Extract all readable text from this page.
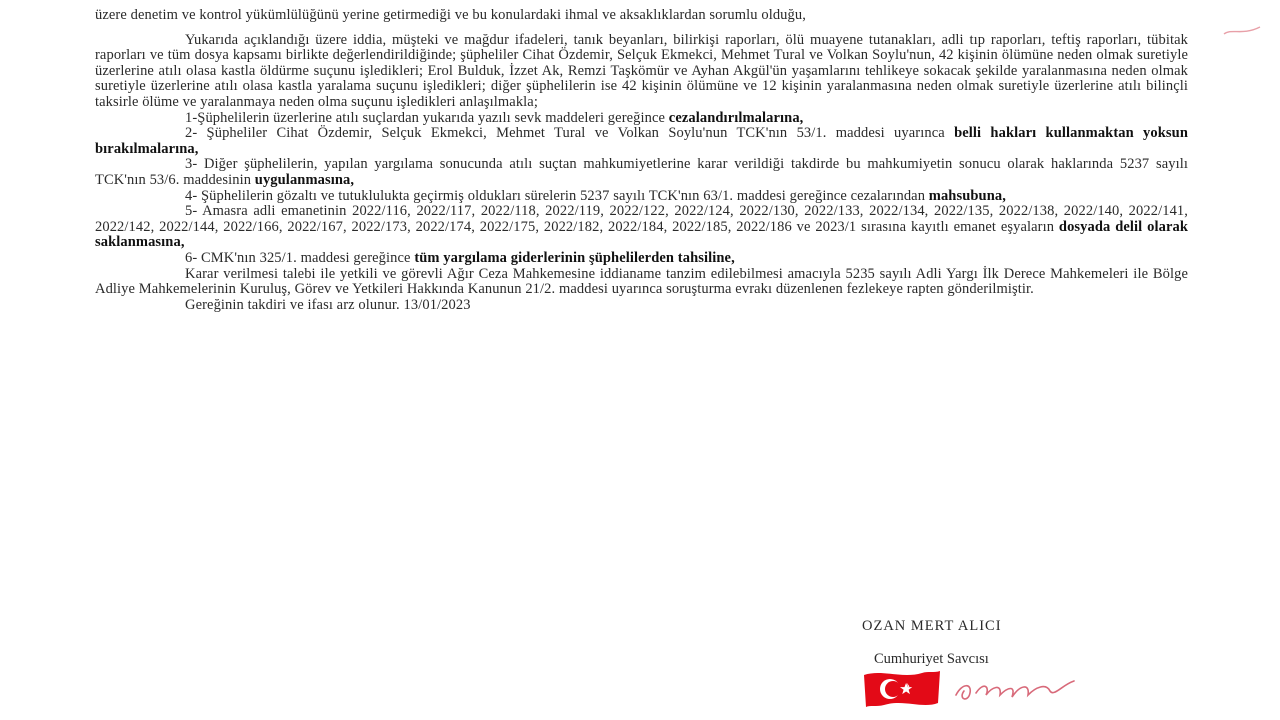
üzere denetim ve kontrol yükümlülüğünü yerine getirmediği ve bu konulardaki ihmal ve aksaklıklardan sorumlu olduğu,

Yukarıda açıklandığı üzere iddia, müşteki ve mağdur ifadeleri, tanık beyanları, bilirkişi raporları, ölü muayene tutanakları, adli tıp raporları, teftiş raporları, tübitak raporları ve tüm dosya kapsamı birlikte değerlendirildiğinde; şüpheliler Cihat Özdemir, Selçuk Ekmekci, Mehmet Tural ve Volkan Soylu'nun, 42 kişinin ölümüne neden olmak suretiyle üzerlerine atılı olasa kastla öldürme suçunu işledikleri; Erol Bulduk, İzzet Ak, Remzi Taşkömür ve Ayhan Akgül'ün yaşamlarını tehlikeye sokacak şekilde yaralanmasına neden olmak suretiyle üzerlerine atılı olasa kastla yaralama suçunu işledikleri; diğer şüphelilerin ise 42 kişinin ölümüne ve 12 kişinin yaralanmasına neden olmak suretiyle üzerlerine atılı bilinçli taksirle ölüme ve yaralanmaya neden olma suçunu işledikleri anlaşılmakla;

1-Şüphelilerin üzerlerine atılı suçlardan yukarıda yazılı sevk maddeleri gereğince cezalandırılmalarına,

2- Şüpheliler Cihat Özdemir, Selçuk Ekmekci, Mehmet Tural ve Volkan Soylu'nun TCK'nın 53/1. maddesi uyarınca belli hakları kullanmaktan yoksun bırakılmalarına,

3- Diğer şüphelilerin, yapılan yargılama sonucunda atılı suçtan mahkumiyetlerine karar verildiği takdirde bu mahkumiyetin sonucu olarak haklarında 5237 sayılı TCK'nın 53/6. maddesinin uygulanmasına,

4- Şüphelilerin gözaltı ve tutuklulukta geçirmiş oldukları sürelerin 5237 sayılı TCK'nın 63/1. maddesi gereğince cezalarından mahsubuna,

5- Amasra adli emanetinin 2022/116, 2022/117, 2022/118, 2022/119, 2022/122, 2022/124, 2022/130, 2022/133, 2022/134, 2022/135, 2022/138, 2022/140, 2022/141, 2022/142, 2022/144, 2022/166, 2022/167, 2022/173, 2022/174, 2022/175, 2022/182, 2022/184, 2022/185, 2022/186 ve 2023/1 sırasına kayıtlı emanet eşyaların dosyada delil olarak saklanmasına,

6- CMK'nın 325/1. maddesi gereğince tüm yargılama giderlerinin şüphelilerden tahsiline,

Karar verilmesi talebi ile yetkili ve görevli Ağır Ceza Mahkemesine iddianame tanzim edilebilmesi amacıyla 5235 sayılı Adli Yargı İlk Derece Mahkemeleri ile Bölge Adliye Mahkemelerinin Kuruluş, Görev ve Yetkileri Hakkında Kanunun 21/2. maddesi uyarınca soruşturma evrakı düzenlenen fezlekeye rapten gönderilmiştir.

Gereğinin takdiri ve ifası arz olunur. 13/01/2023

OZAN MERT ALICI
Cumhuriyet Savcısı
